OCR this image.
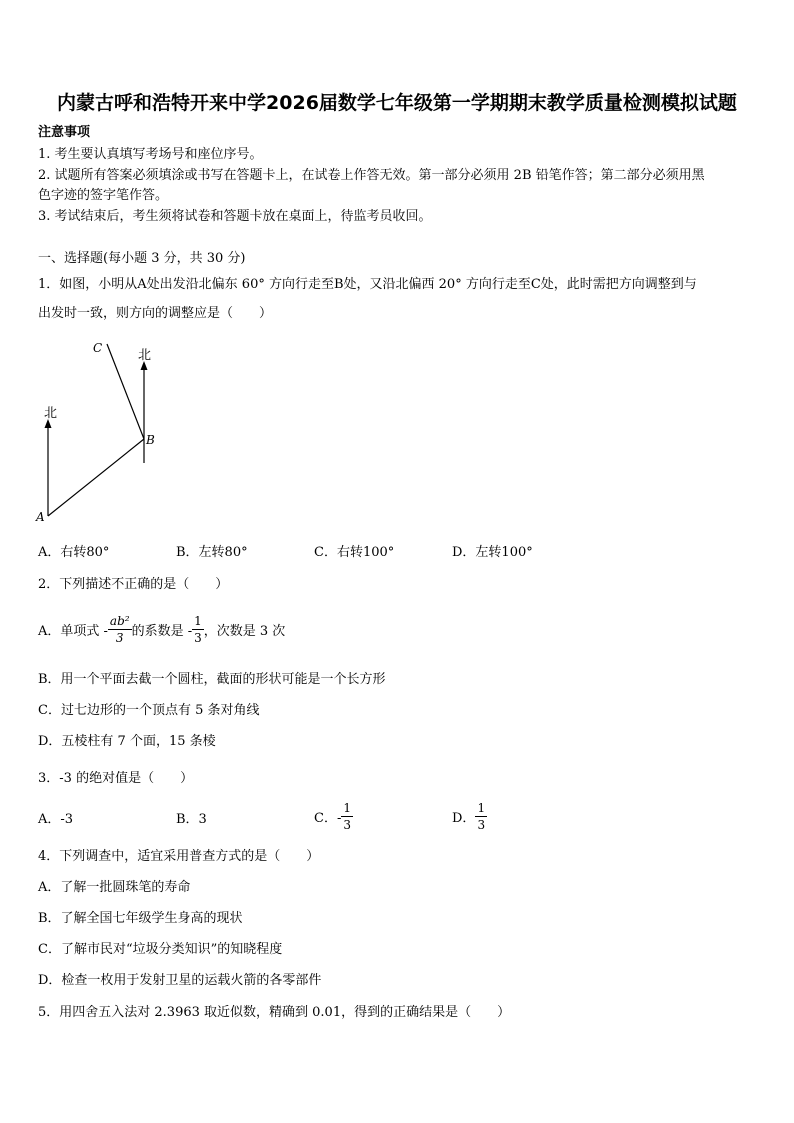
内蒙古呼和浩特开来中学2026届数学七年级第一学期期末教学质量检测模拟试题
注意事项
1. 考生要认真填写考场号和座位序号。
2. 试题所有答案必须填涂或书写在答题卡上，在试卷上作答无效。第一部分必须用 2B 铅笔作答；第二部分必须用黑
色字迹的签字笔作答。
3. 考试结束后，考生须将试卷和答题卡放在桌面上，待监考员收回。
一、选择题(每小题 3 分，共 30 分)
1．如图，小明从A处出发沿北偏东 60° 方向行走至B处，又沿北偏西 20° 方向行走至C处，此时需把方向调整到与
出发时一致，则方向的调整应是（　　）
北
北
A
B
C
A．右转80°	B．左转80°	C．右转100°	D．左转100°
2．下列描述不正确的是（　　）
A．单项式 - $\frac{\text{ab²}}{3}$ 的系数是 - $\frac{1}{3}$ ，次数是 3 次
B．用一个平面去截一个圆柱，截面的形状可能是一个长方形
C．过七边形的一个顶点有 5 条对角线
D．五棱柱有 7 个面，15 条棱
3．-3 的绝对值是（　　）
A．-3	B．3	C．- $\frac{1}{3}$	D． $\frac{1}{3}$
4．下列调查中，适宜采用普查方式的是（　　）
A．了解一批圆珠笔的寿命
B．了解全国七年级学生身高的现状
C．了解市民对“垃圾分类知识”的知晓程度
D．检查一枚用于发射卫星的运载火箭的各零部件
5．用四舍五入法对 2.3963 取近似数，精确到 0.01，得到的正确结果是（　　）
